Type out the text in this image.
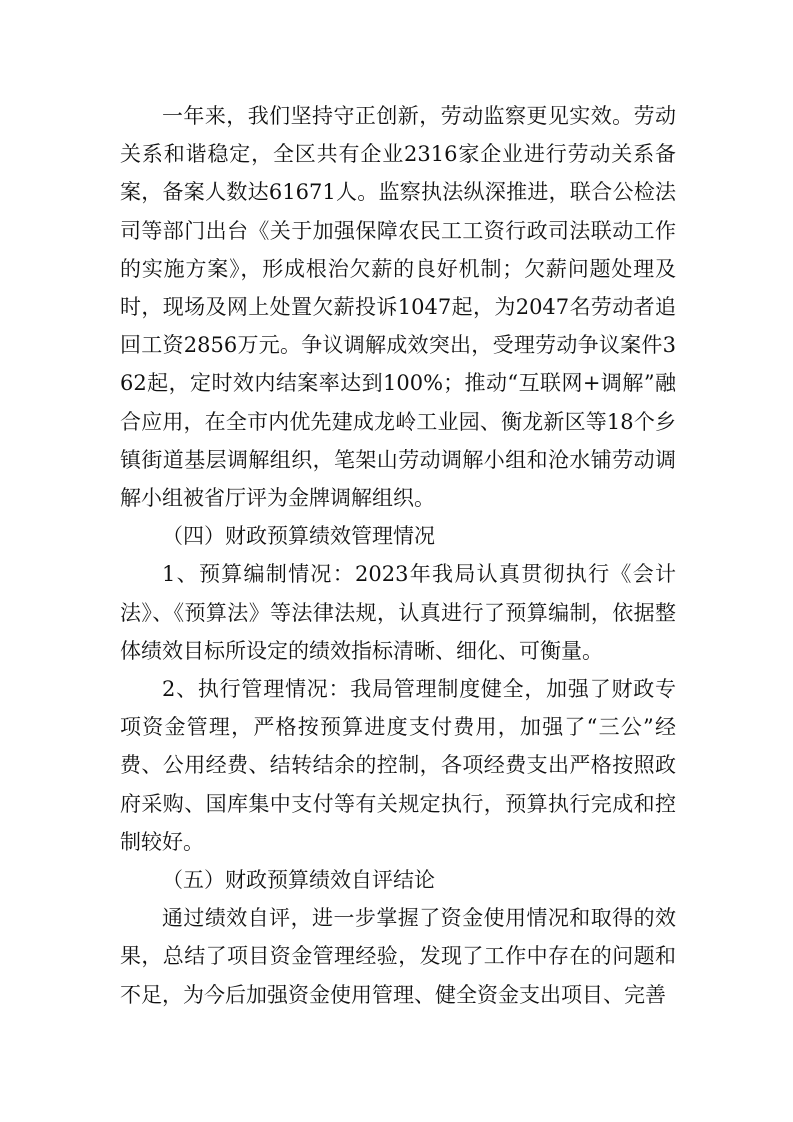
一年来，我们坚持守正创新，劳动监察更见实效。劳动关系和谐稳定，全区共有企业2316家企业进行劳动关系备案，备案人数达61671人。监察执法纵深推进，联合公检法司等部门出台《关于加强保障农民工工资行政司法联动工作的实施方案》，形成根治欠薪的良好机制；欠薪问题处理及时，现场及网上处置欠薪投诉1047起，为2047名劳动者追回工资2856万元。争议调解成效突出，受理劳动争议案件362起，定时效内结案率达到100%；推动“互联网+调解”融合应用，在全市内优先建成龙岭工业园、衡龙新区等18个乡镇街道基层调解组织，笔架山劳动调解小组和沧水铺劳动调解小组被省厅评为金牌调解组织。

（四）财政预算绩效管理情况

1、预算编制情况：2023年我局认真贯彻执行《会计法》、《预算法》等法律法规，认真进行了预算编制，依据整体绩效目标所设定的绩效指标清晰、细化、可衡量。

2、执行管理情况：我局管理制度健全，加强了财政专项资金管理，严格按预算进度支付费用，加强了“三公”经费、公用经费、结转结余的控制，各项经费支出严格按照政府采购、国库集中支付等有关规定执行，预算执行完成和控制较好。

（五）财政预算绩效自评结论

通过绩效自评，进一步掌握了资金使用情况和取得的效果，总结了项目资金管理经验，发现了工作中存在的问题和不足，为今后加强资金使用管理、健全资金支出项目、完善
